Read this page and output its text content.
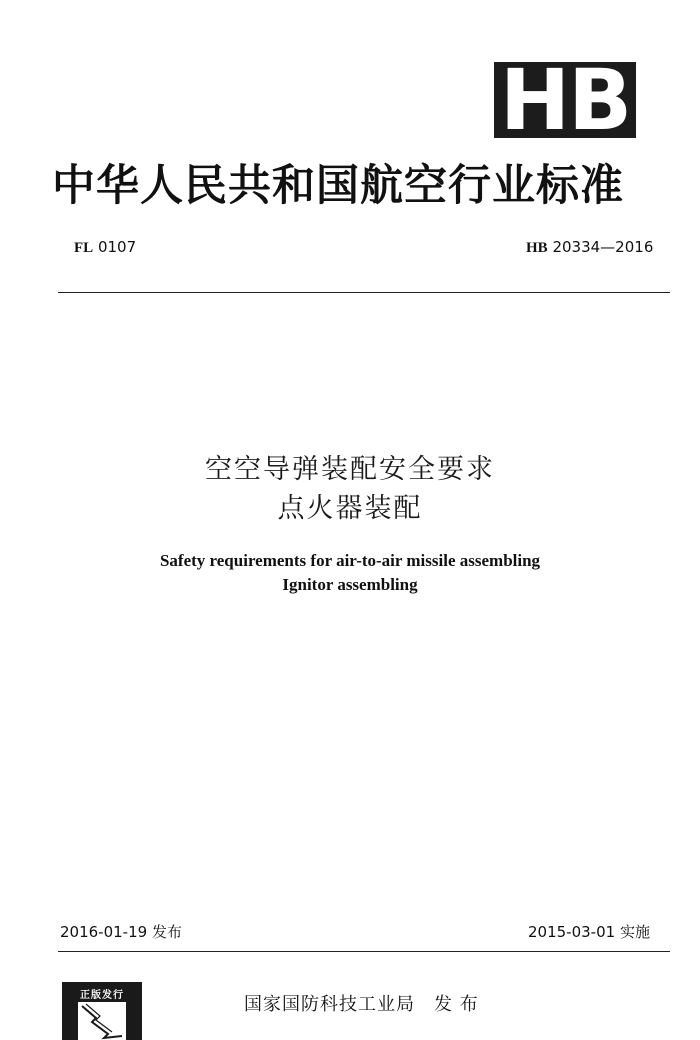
HB
中华人民共和国航空行业标准
FL 0107	HB 20334—2016
空空导弹装配安全要求
点火器装配
Safety requirements for air-to-air missile assembling
Ignitor assembling
2016-01-19 发布	2015-03-01 实施
正版发行	国家国防科技工业局　发 布
